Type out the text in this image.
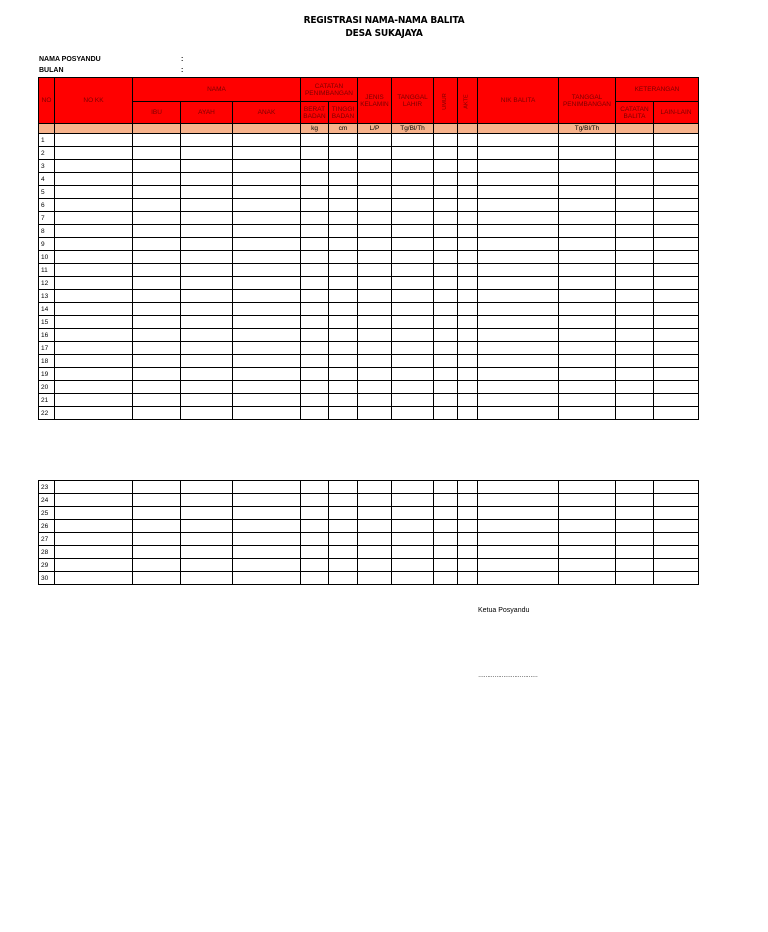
REGISTRASI NAMA-NAMA BALITA
DESA SUKAJAYA
NAMA POSYANDU	:
BULAN	:
NO	NO KK	NAMA			CATATAN PENIMBANGAN		JENIS KELAMIN	TANGGAL LAHIR	UMUR	AKTE	NIK BALITA	TANGGAL PENIMBANGAN	KETERANGAN	
		IBU	AYAH	ANAK	BERAT BADAN	TINGGI BADAN							CATATAN BALITA	LAIN-LAIN
					kg	cm	L/P	Tg/Bl/Th				Tg/Bl/Th		
1														
2														
3														
4														
5														
6														
7														
8														
9														
10														
11														
12														
13														
14														
15														
16														
17														
18														
19														
20														
21														
22														
23														
24														
25														
26														
27														
28														
29														
30														
Ketua Posyandu
……………………………
